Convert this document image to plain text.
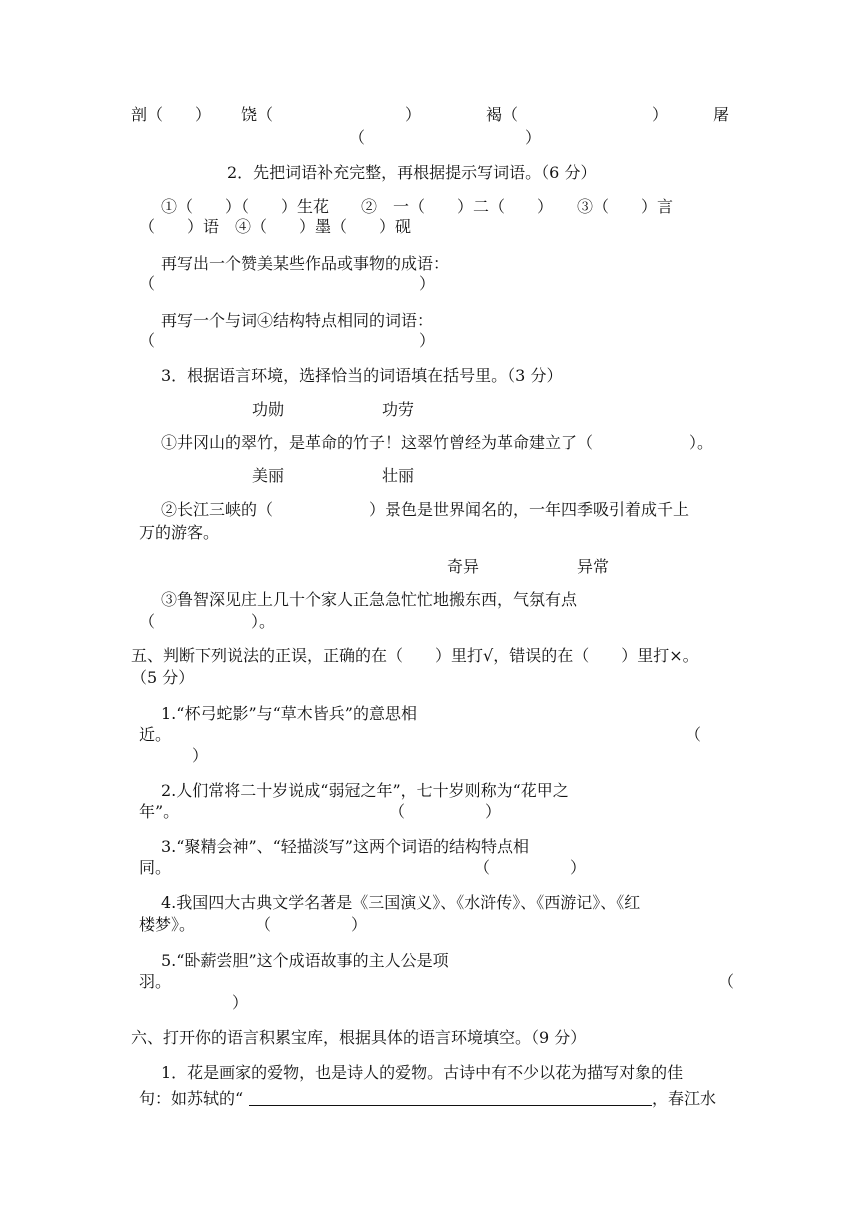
剖（　　） 饶（	）	褐（	）	屠
（　　　　　　　　　　）
2．先把词语补充完整，再根据提示写词语。（6 分）
①（　　）（　　）生花　　②　一（　　）二（　　）　　③（　　）言
（　　）语　④（　　）墨（　　）砚
再写出一个赞美某些作品或事物的成语：
（	）
再写一个与词④结构特点相同的词语：
（	）
3．根据语言环境，选择恰当的词语填在括号里。（3 分）
功勋	功劳
①井冈山的翠竹，是革命的竹子！这翠竹曾经为革命建立了（　　　　　　）。
美丽	壮丽
②长江三峡的（　　　　　　）景色是世界闻名的，一年四季吸引着成千上
万的游客。
奇异	异常
③鲁智深见庄上几十个家人正急急忙忙地搬东西，气氛有点
（　　　　　　）。
五、判断下列说法的正误，正确的在（　　）里打√，错误的在（　　）里打×。
（5 分）
1.“杯弓蛇影”与“草木皆兵”的意思相
近。	（
）
2.人们常将二十岁说成“弱冠之年”，七十岁则称为“花甲之
年”。	（　　　　　）
3.“聚精会神”、“轻描淡写”这两个词语的结构特点相
同。	（　　　　　）
4.我国四大古典文学名著是《三国演义》、《水浒传》、《西游记》、《红
楼梦》。	（　　　　　）
5.“卧薪尝胆”这个成语故事的主人公是项
羽。	（
）
六、打开你的语言积累宝库，根据具体的语言环境填空。（9 分）
1．花是画家的爱物，也是诗人的爱物。古诗中有不少以花为描写对象的佳
句：如苏轼的“	，春江水
